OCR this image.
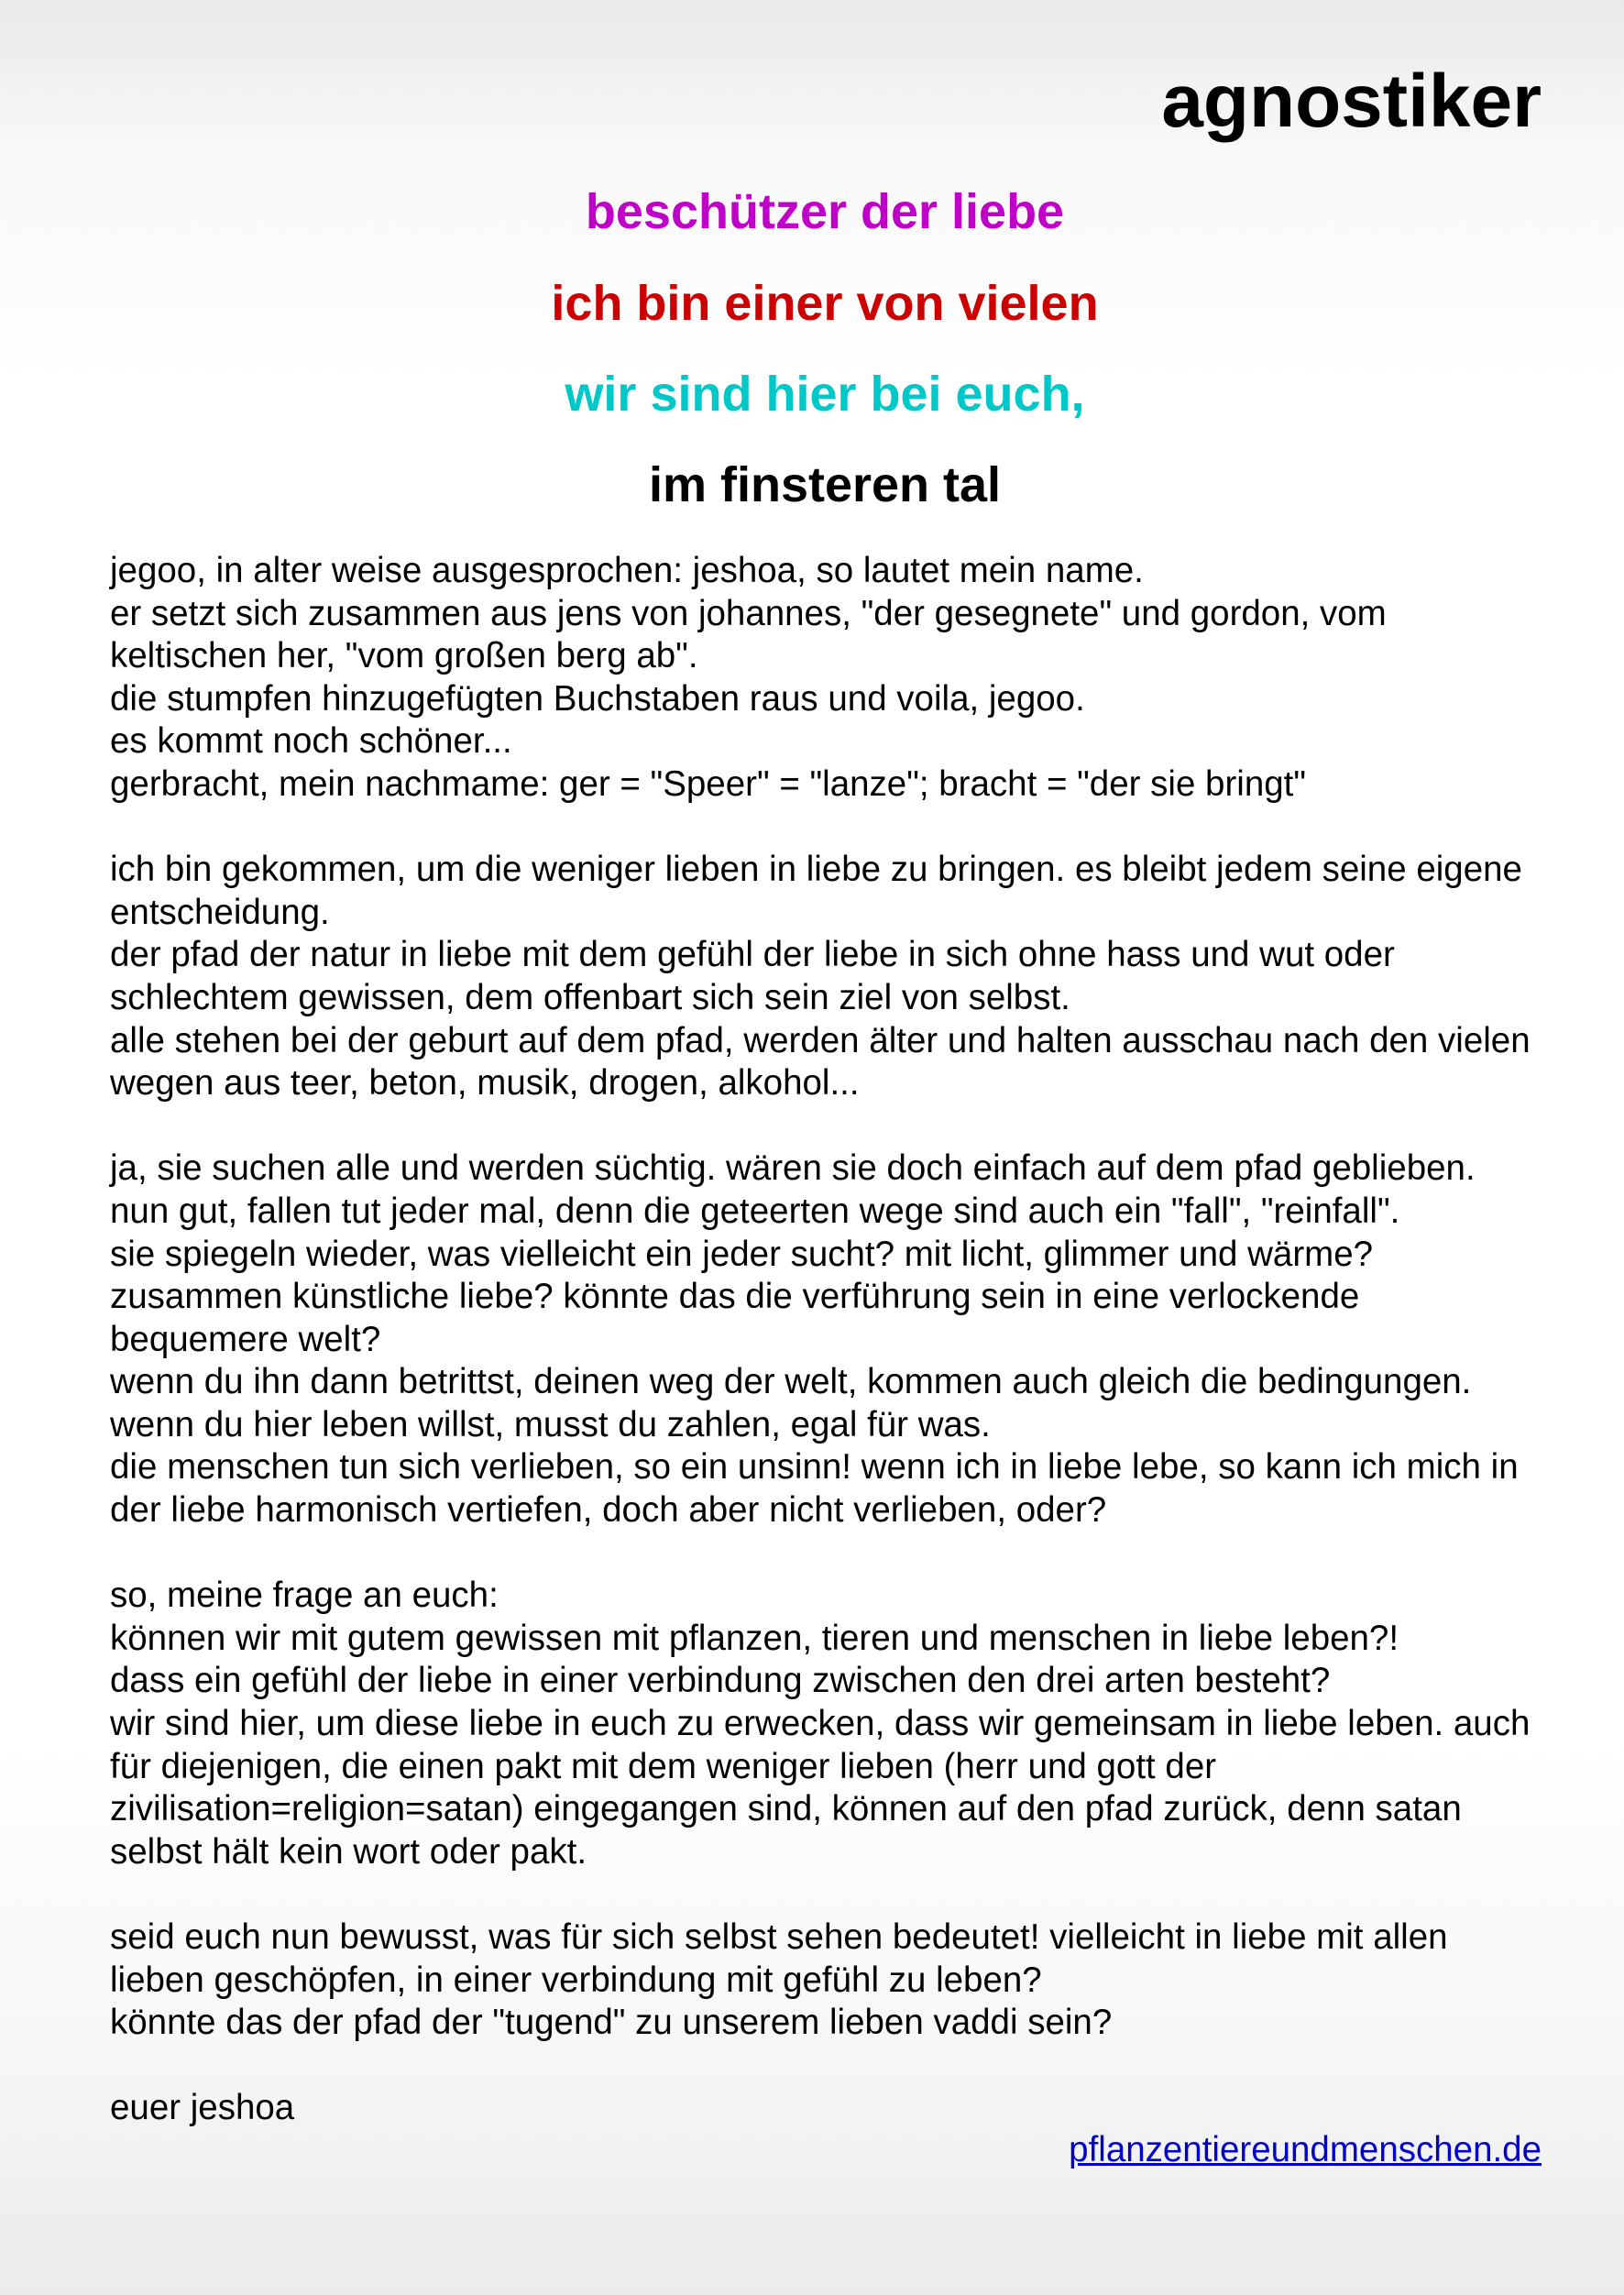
agnostiker
beschützer der liebe
ich bin einer von vielen
wir sind hier bei euch,
im finsteren tal

jegoo, in alter weise ausgesprochen: jeshoa, so lautet mein name.

er setzt sich zusammen aus jens von johannes, "der gesegnete" und gordon, vom keltischen her, "vom großen berg ab".

die stumpfen hinzugefügten Buchstaben raus und voila, jegoo.

es kommt noch schöner...

gerbracht, mein nachmame: ger = "Speer" = "lanze"; bracht = "der sie bringt"

ich bin gekommen, um die weniger lieben in liebe zu bringen. es bleibt jedem seine eigene entscheidung.

der pfad der natur in liebe mit dem gefühl der liebe in sich ohne hass und wut oder schlechtem gewissen, dem offenbart sich sein ziel von selbst.

alle stehen bei der geburt auf dem pfad, werden älter und halten ausschau nach den vielen wegen aus teer, beton, musik, drogen, alkohol...

ja, sie suchen alle und werden süchtig. wären sie doch einfach auf dem pfad geblieben.

nun gut, fallen tut jeder mal, denn die geteerten wege sind auch ein "fall", "reinfall".

sie spiegeln wieder, was vielleicht ein jeder sucht? mit licht, glimmer und wärme?

zusammen künstliche liebe? könnte das die verführung sein in eine verlockende bequemere welt?

wenn du ihn dann betrittst, deinen weg der welt, kommen auch gleich die bedingungen. wenn du hier leben willst, musst du zahlen, egal für was.

die menschen tun sich verlieben, so ein unsinn! wenn ich in liebe lebe, so kann ich mich in der liebe harmonisch vertiefen, doch aber nicht verlieben, oder?

so, meine frage an euch:

können wir mit gutem gewissen mit pflanzen, tieren und menschen in liebe leben?!

dass ein gefühl der liebe in einer verbindung zwischen den drei arten besteht?

wir sind hier, um diese liebe in euch zu erwecken, dass wir gemeinsam in liebe leben. auch für diejenigen, die einen pakt mit dem weniger lieben (herr und gott der zivilisation=religion=satan) eingegangen sind, können auf den pfad zurück, denn satan selbst hält kein wort oder pakt.

seid euch nun bewusst, was für sich selbst sehen bedeutet! vielleicht in liebe mit allen lieben geschöpfen, in einer verbindung mit gefühl zu leben?

könnte das der pfad der "tugend" zu unserem lieben vaddi sein?

euer jeshoa

pflanzentiereundmenschen.de
